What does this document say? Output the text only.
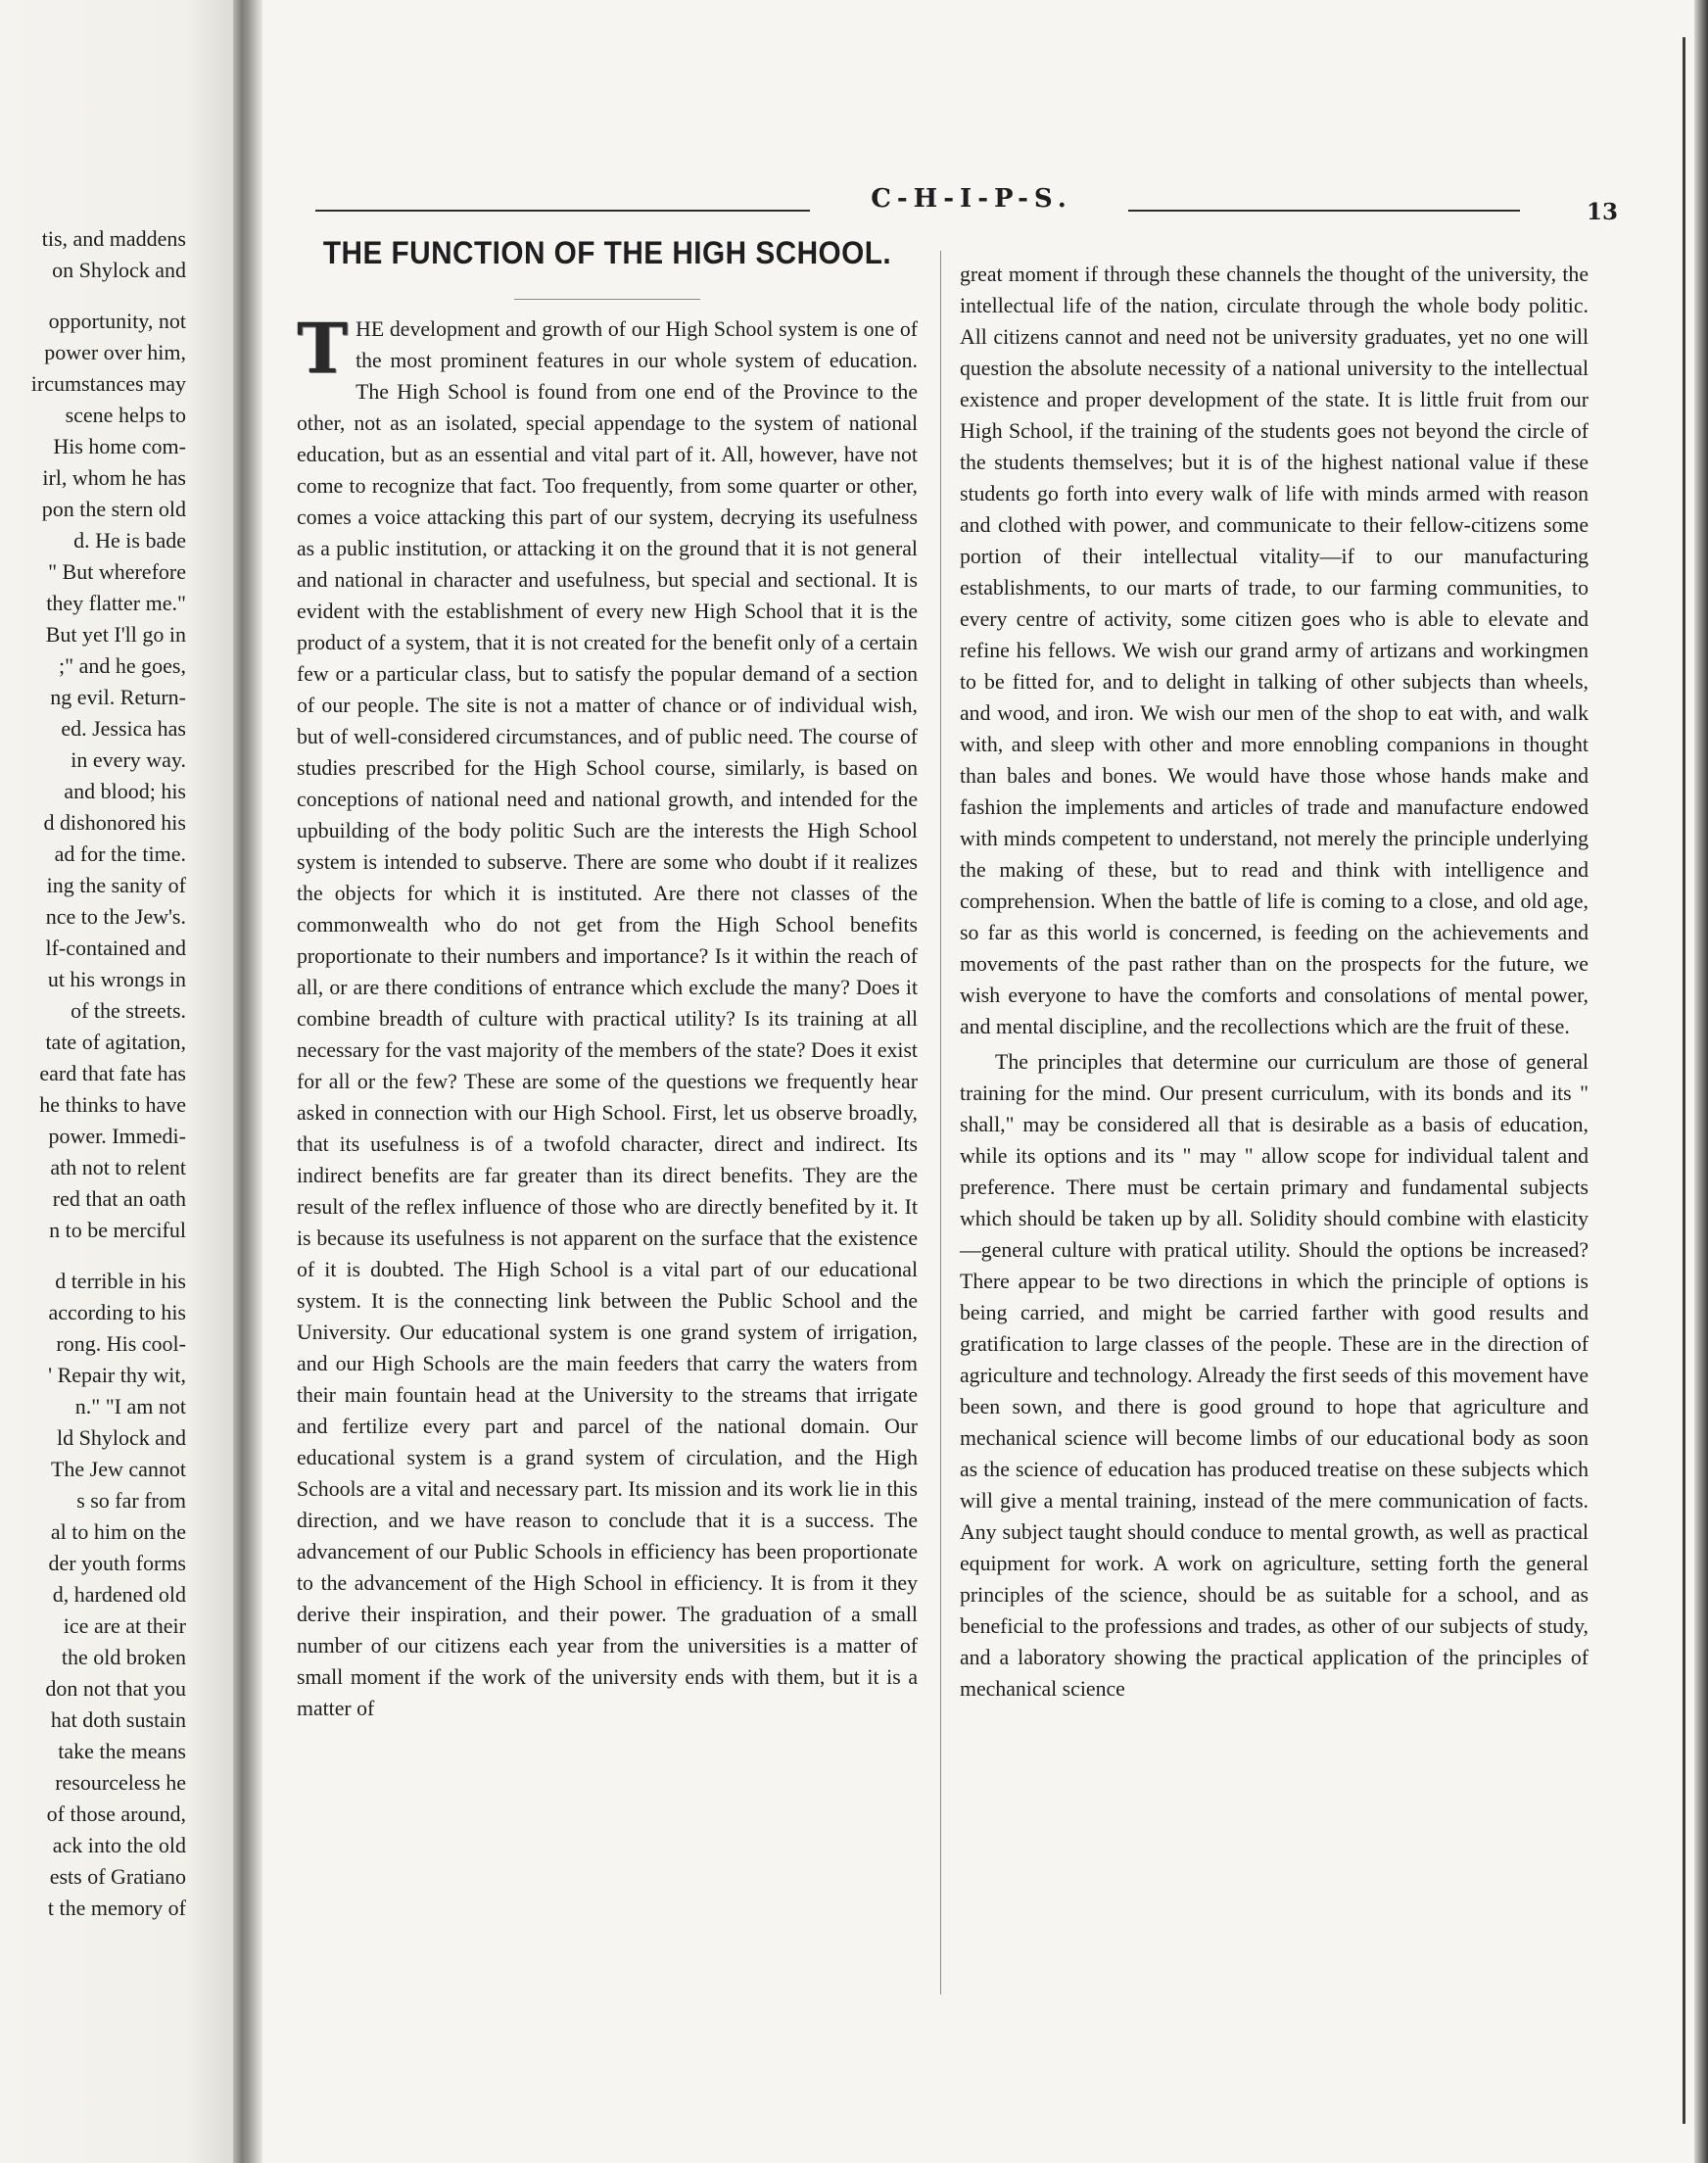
tis, and maddens
on Shylock and
opportunity, not
power over him,
ircumstances may
scene helps to
His home com-
irl, whom he has
pon the stern old
d. He is bade
" But wherefore
they flatter me."
But yet I'll go in
;" and he goes,
ng evil. Return-
ed. Jessica has
in every way.
and blood; his
d dishonored his
ad for the time.
ing the sanity of
nce to the Jew's.
lf-contained and
ut his wrongs in
of the streets.
tate of agitation,
eard that fate has
he thinks to have
power. Immedi-
ath not to relent
red that an oath
n to be merciful
d terrible in his
according to his
rong. His cool-
' Repair thy wit,
n." "I am not
ld Shylock and
The Jew cannot
s so far from
al to him on the
der youth forms
d, hardened old
ice are at their
the old broken
don not that you
hat doth sustain
take the means
resourceless he
of those around,
ack into the old
ests of Gratiano
t the memory of
C-H-I-P-S.	13
THE FUNCTION OF THE HIGH SCHOOL.

THE development and growth of our High School system is one of the most prominent features in our whole system of education. The High School is found from one end of the Province to the other, not as an isolated, special appendage to the system of national education, but as an essential and vital part of it. All, however, have not come to recognize that fact. Too frequently, from some quarter or other, comes a voice attacking this part of our system, decrying its usefulness as a public institution, or attacking it on the ground that it is not general and national in character and usefulness, but special and sectional. It is evident with the establishment of every new High School that it is the product of a system, that it is not created for the benefit only of a certain few or a particular class, but to satisfy the popular demand of a section of our people. The site is not a matter of chance or of individual wish, but of well-considered circumstances, and of public need. The course of studies prescribed for the High School course, similarly, is based on conceptions of national need and national growth, and intended for the upbuilding of the body politic Such are the interests the High School system is intended to subserve. There are some who doubt if it realizes the objects for which it is instituted. Are there not classes of the commonwealth who do not get from the High School benefits proportionate to their numbers and importance? Is it within the reach of all, or are there conditions of entrance which exclude the many? Does it combine breadth of culture with practical utility? Is its training at all necessary for the vast majority of the members of the state? Does it exist for all or the few? These are some of the questions we frequently hear asked in connection with our High School. First, let us observe broadly, that its usefulness is of a twofold character, direct and indirect. Its indirect benefits are far greater than its direct benefits. They are the result of the reflex influence of those who are directly benefited by it. It is because its usefulness is not apparent on the surface that the existence of it is doubted. The High School is a vital part of our educational system. It is the connecting link between the Public School and the University. Our educational system is one grand system of irrigation, and our High Schools are the main feeders that carry the waters from their main fountain head at the University to the streams that irrigate and fertilize every part and parcel of the national domain. Our educational system is a grand system of circulation, and the High Schools are a vital and necessary part. Its mission and its work lie in this direction, and we have reason to conclude that it is a success. The advancement of our Public Schools in efficiency has been proportionate to the advancement of the High School in efficiency. It is from it they derive their inspiration, and their power. The graduation of a small number of our citizens each year from the universities is a matter of small moment if the work of the university ends with them, but it is a matter of

great moment if through these channels the thought of the university, the intellectual life of the nation, circulate through the whole body politic. All citizens cannot and need not be university graduates, yet no one will question the absolute necessity of a national university to the intellectual existence and proper development of the state. It is little fruit from our High School, if the training of the students goes not beyond the circle of the students themselves; but it is of the highest national value if these students go forth into every walk of life with minds armed with reason and clothed with power, and communicate to their fellow-citizens some portion of their intellectual vitality—if to our manufacturing establishments, to our marts of trade, to our farming communities, to every centre of activity, some citizen goes who is able to elevate and refine his fellows. We wish our grand army of artizans and workingmen to be fitted for, and to delight in talking of other subjects than wheels, and wood, and iron. We wish our men of the shop to eat with, and walk with, and sleep with other and more ennobling companions in thought than bales and bones. We would have those whose hands make and fashion the implements and articles of trade and manufacture endowed with minds competent to understand, not merely the principle underlying the making of these, but to read and think with intelligence and comprehension. When the battle of life is coming to a close, and old age, so far as this world is concerned, is feeding on the achievements and movements of the past rather than on the prospects for the future, we wish everyone to have the comforts and consolations of mental power, and mental discipline, and the recollections which are the fruit of these.

The principles that determine our curriculum are those of general training for the mind. Our present curriculum, with its bonds and its " shall," may be considered all that is desirable as a basis of education, while its options and its " may " allow scope for individual talent and preference. There must be certain primary and fundamental subjects which should be taken up by all. Solidity should combine with elasticity—general culture with pratical utility. Should the options be increased? There appear to be two directions in which the principle of options is being carried, and might be carried farther with good results and gratification to large classes of the people. These are in the direction of agriculture and technology. Already the first seeds of this movement have been sown, and there is good ground to hope that agriculture and mechanical science will become limbs of our educational body as soon as the science of education has produced treatise on these subjects which will give a mental training, instead of the mere communication of facts. Any subject taught should conduce to mental growth, as well as practical equipment for work. A work on agriculture, setting forth the general principles of the science, should be as suitable for a school, and as beneficial to the professions and trades, as other of our subjects of study, and a laboratory showing the practical application of the principles of mechanical science
